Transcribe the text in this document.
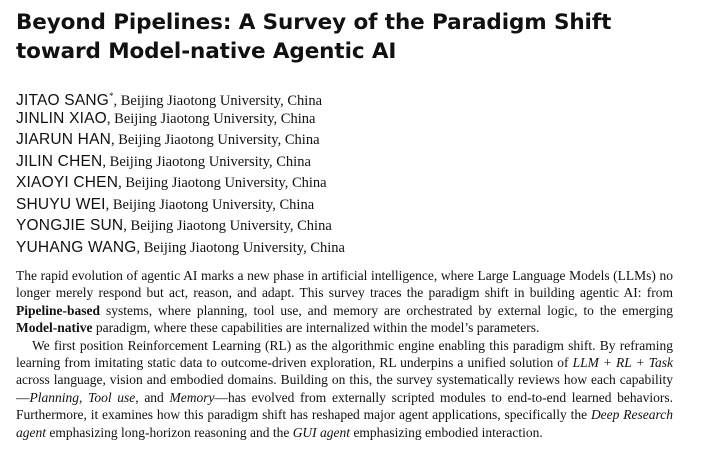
Beyond Pipelines: A Survey of the Paradigm Shift toward Model-native Agentic AI
JITAO SANG*, Beijing Jiaotong University, China
JINLIN XIAO, Beijing Jiaotong University, China
JIARUN HAN, Beijing Jiaotong University, China
JILIN CHEN, Beijing Jiaotong University, China
XIAOYI CHEN, Beijing Jiaotong University, China
SHUYU WEI, Beijing Jiaotong University, China
YONGJIE SUN, Beijing Jiaotong University, China
YUHANG WANG, Beijing Jiaotong University, China

The rapid evolution of agentic AI marks a new phase in artificial intelligence, where Large Language Models (LLMs) no longer merely respond but act, reason, and adapt. This survey traces the paradigm shift in building agentic AI: from Pipeline-based systems, where planning, tool use, and memory are orchestrated by external logic, to the emerging Model-native paradigm, where these capabilities are internalized within the model’s parameters.

We first position Reinforcement Learning (RL) as the algorithmic engine enabling this paradigm shift. By reframing learning from imitating static data to outcome-driven exploration, RL underpins a unified solution of LLM + RL + Task across language, vision and embodied domains. Building on this, the survey systematically reviews how each capability—Planning, Tool use, and Memory—has evolved from externally scripted modules to end-to-end learned behaviors. Furthermore, it examines how this paradigm shift has reshaped major agent applications, specifically the Deep Research agent emphasizing long-horizon reasoning and the GUI agent emphasizing embodied interaction.
